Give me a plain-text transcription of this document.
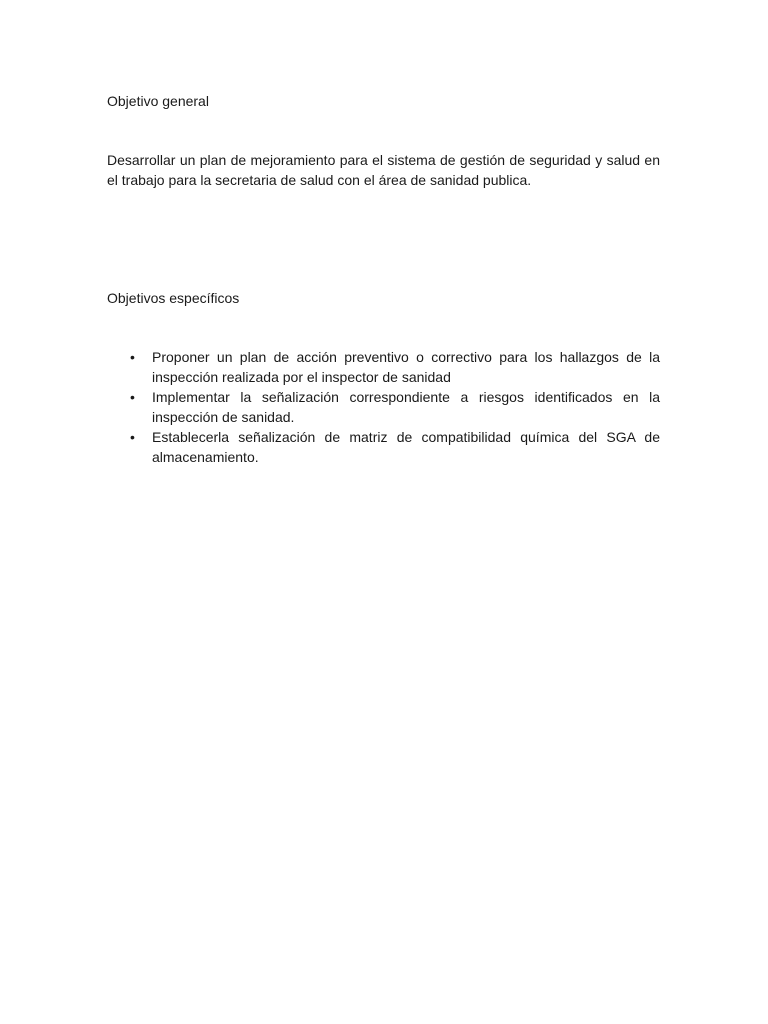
Objetivo general

Desarrollar un plan de mejoramiento para el sistema de gestión de seguridad y salud en el trabajo para la secretaria de salud con el área de sanidad publica.

Objetivos específicos
•	Proponer un plan de acción preventivo o correctivo para los hallazgos de la inspección realizada por el inspector de sanidad
•	Implementar la señalización correspondiente a riesgos identificados en la inspección de sanidad.
•	Establecerla señalización de matriz de compatibilidad química del SGA de almacenamiento.
